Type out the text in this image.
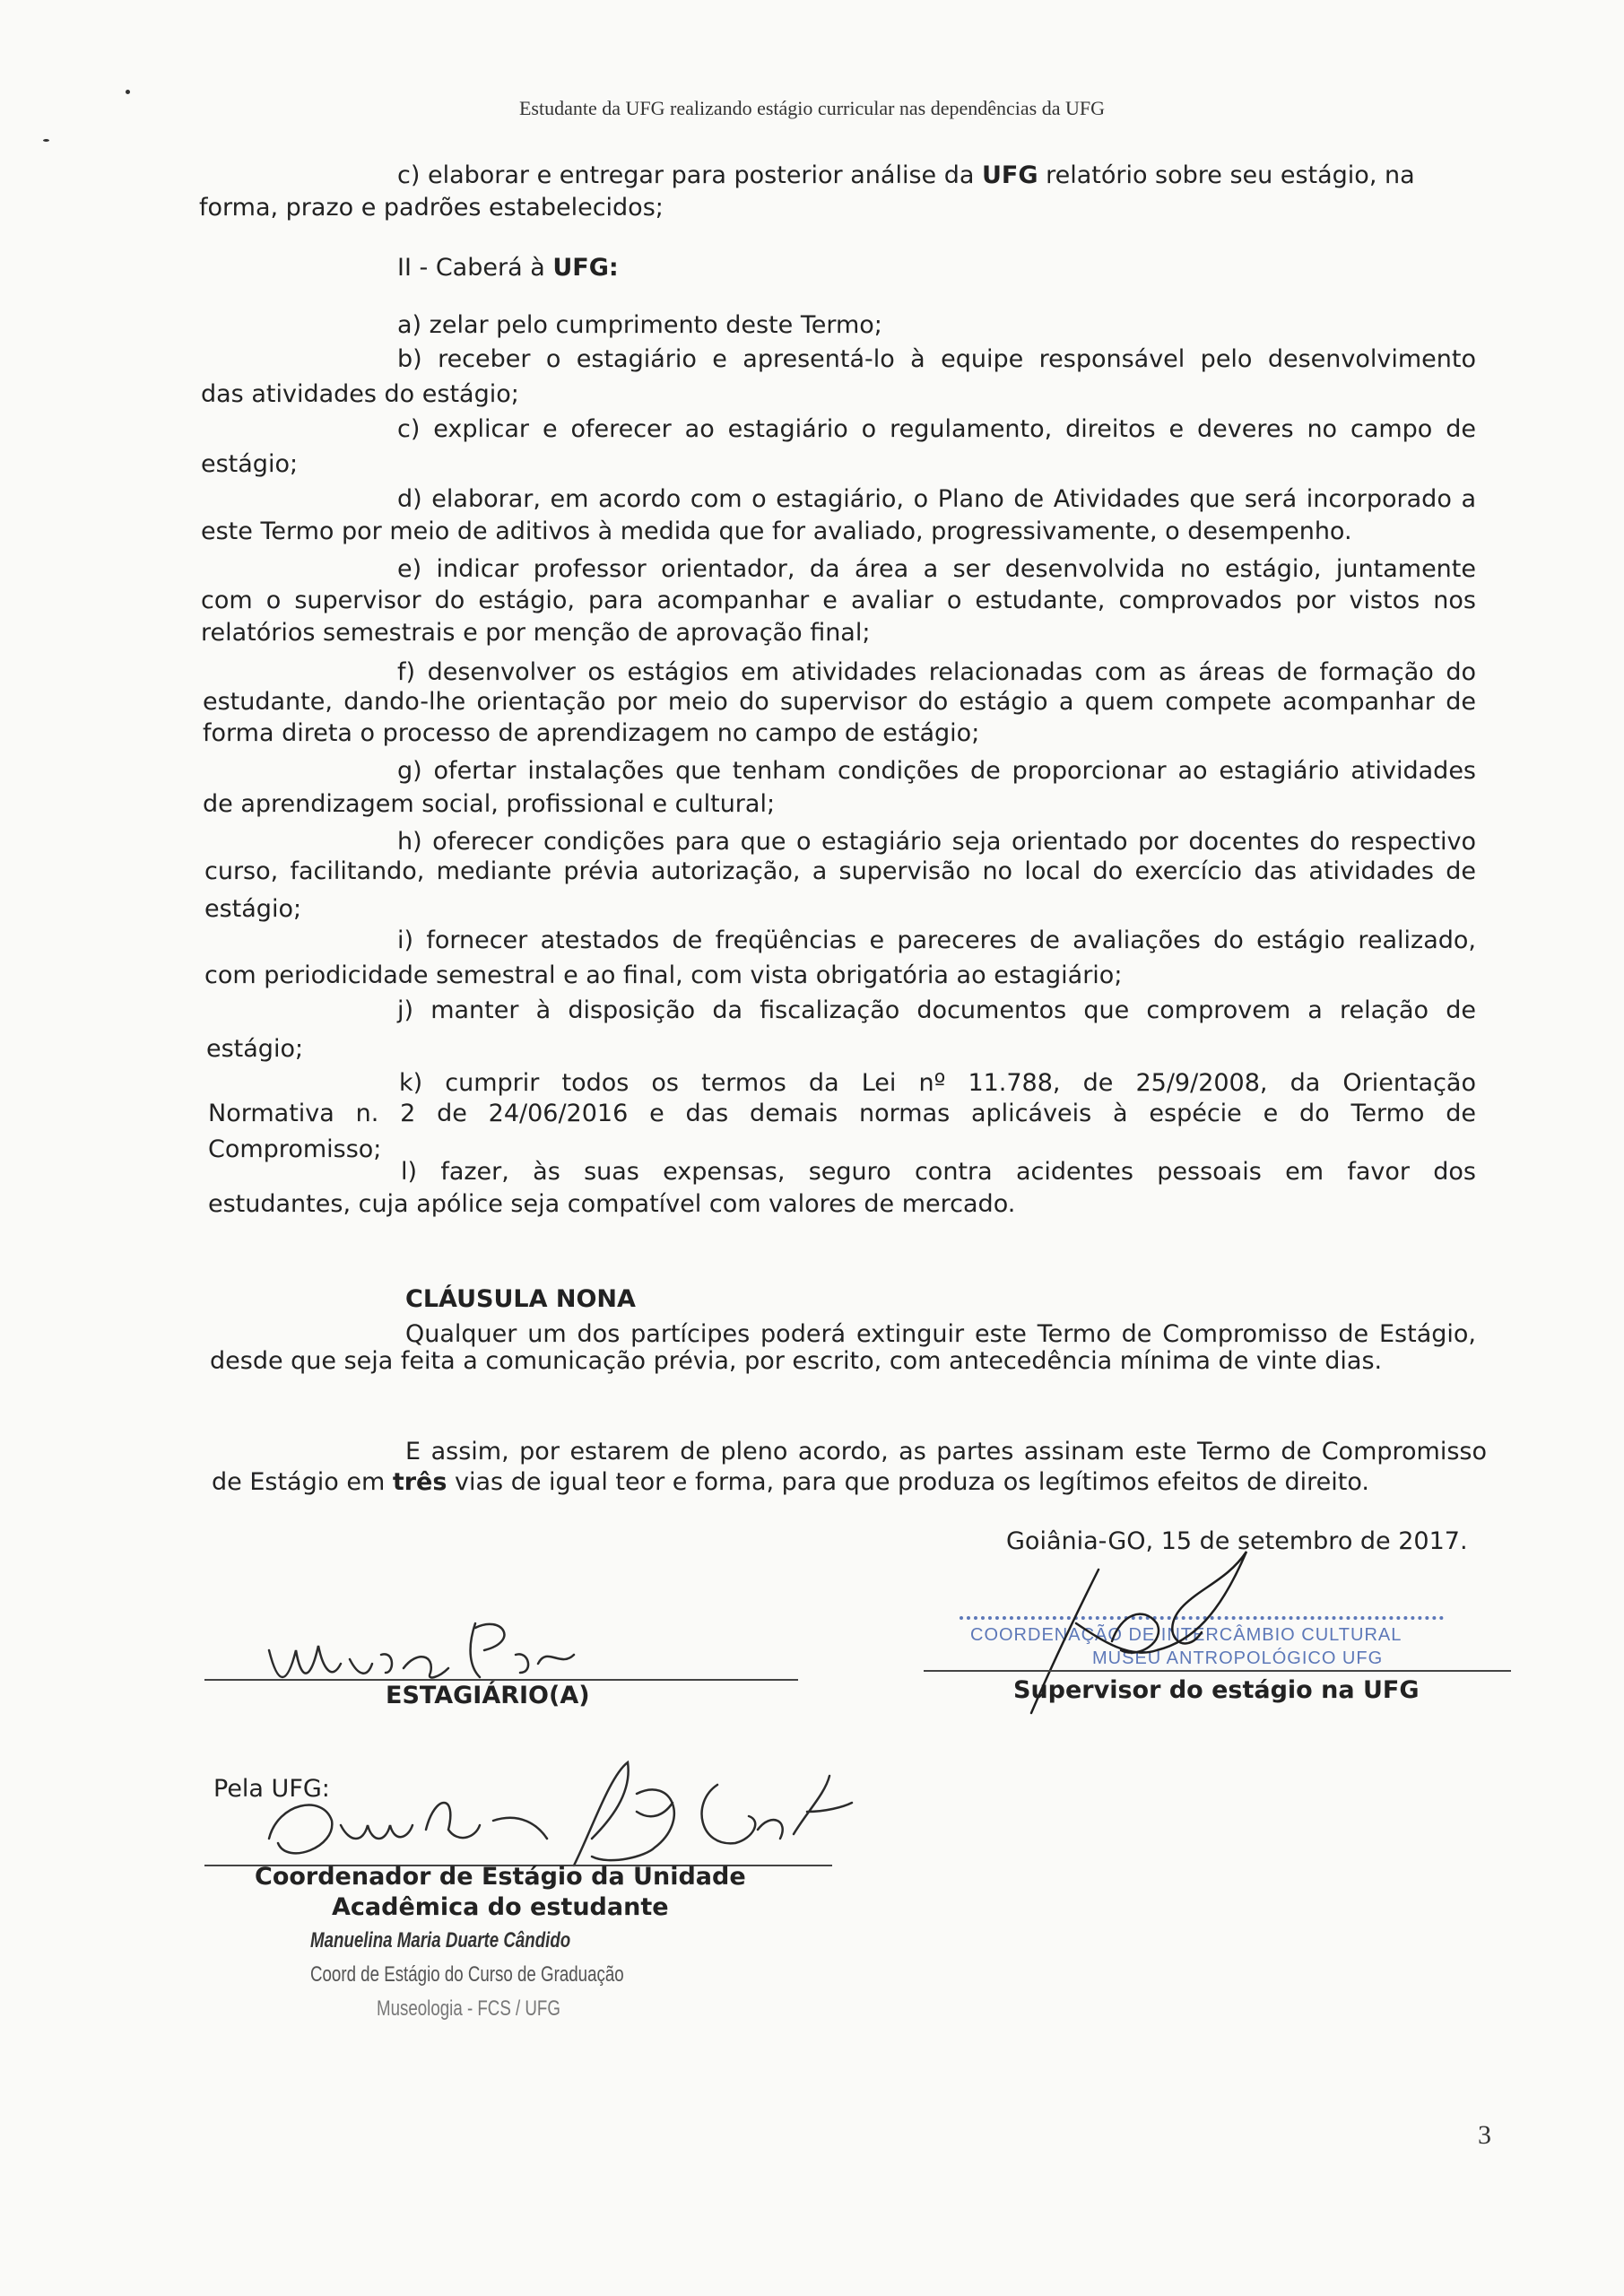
Estudante da UFG realizando estágio curricular nas dependências da UFG
c) elaborar e entregar para posterior análise da UFG relatório sobre seu estágio, na
forma, prazo e padrões estabelecidos;
II - Caberá à UFG:
a) zelar pelo cumprimento deste Termo;
b) receber o estagiário e apresentá-lo à equipe responsável pelo desenvolvimento
das atividades do estágio;
c) explicar e oferecer ao estagiário o regulamento, direitos e deveres no campo de
estágio;
d) elaborar, em acordo com o estagiário, o Plano de Atividades que será incorporado a
este Termo por meio de aditivos à medida que for avaliado, progressivamente, o desempenho.
e) indicar professor orientador, da área a ser desenvolvida no estágio, juntamente
com o supervisor do estágio, para acompanhar e avaliar o estudante, comprovados por vistos nos
relatórios semestrais e por menção de aprovação final;
f) desenvolver os estágios em atividades relacionadas com as áreas de formação do
estudante, dando-lhe orientação por meio do supervisor do estágio a quem compete acompanhar de
forma direta o processo de aprendizagem no campo de estágio;
g) ofertar instalações que tenham condições de proporcionar ao estagiário atividades
de aprendizagem social, profissional e cultural;
h) oferecer condições para que o estagiário seja orientado por docentes do respectivo
curso, facilitando, mediante prévia autorização, a supervisão no local do exercício das atividades de
estágio;
i) fornecer atestados de freqüências e pareceres de avaliações do estágio realizado,
com periodicidade semestral e ao final, com vista obrigatória ao estagiário;
j) manter à disposição da fiscalização documentos que comprovem a relação de
estágio;
k) cumprir todos os termos da Lei nº 11.788, de 25/9/2008, da Orientação
Normativa n. 2 de 24/06/2016 e das demais normas aplicáveis à espécie e do Termo de
Compromisso;
l) fazer, às suas expensas, seguro contra acidentes pessoais em favor dos
estudantes, cuja apólice seja compatível com valores de mercado.
CLÁUSULA NONA
Qualquer um dos partícipes poderá extinguir este Termo de Compromisso de Estágio,
desde que seja feita a comunicação prévia, por escrito, com antecedência mínima de vinte dias.
E assim, por estarem de pleno acordo, as partes assinam este Termo de Compromisso
de Estágio em três vias de igual teor e forma, para que produza os legítimos efeitos de direito.
Goiânia-GO, 15 de setembro de 2017.
COORDENAÇÃO DE INTERCÂMBIO CULTURAL
MUSEU ANTROPOLÓGICO UFG
ESTAGIÁRIO(A)	Supervisor do estágio na UFG
Pela UFG:
Coordenador de Estágio da Unidade
Acadêmica do estudante
Manuelina Maria Duarte Cândido
Coord de Estágio do Curso de Graduação
Museologia - FCS / UFG
3
